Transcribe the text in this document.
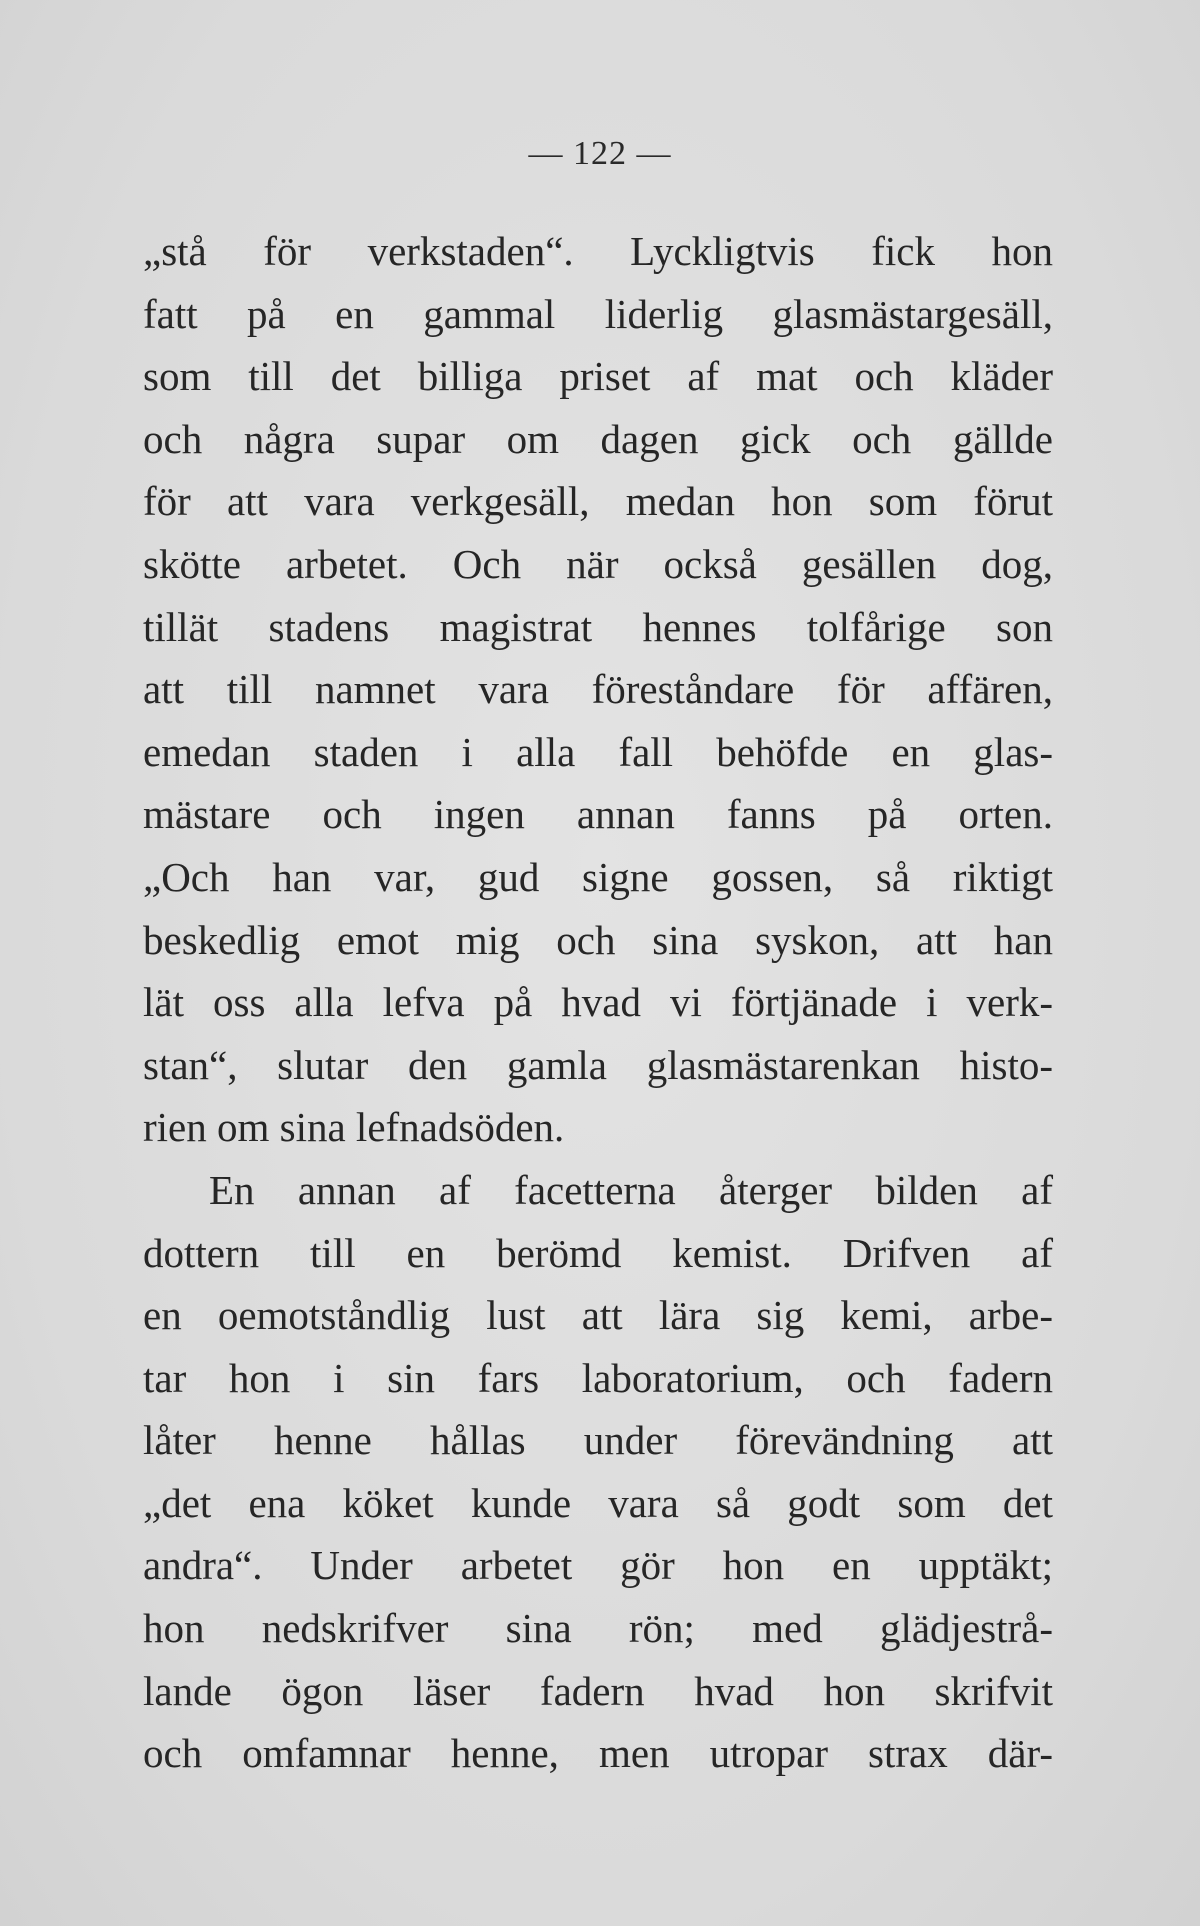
— 122 —
„stå för verkstaden“. Lyckligtvis fick hon
fatt på en gammal liderlig glasmästargesäll,
som till det billiga priset af mat och kläder
och några supar om dagen gick och gällde
för att vara verkgesäll, medan hon som förut
skötte arbetet. Och när också gesällen dog,
tillät stadens magistrat hennes tolfårige son
att till namnet vara föreståndare för affären,
emedan staden i alla fall behöfde en glas-
mästare och ingen annan fanns på orten.
„Och han var, gud signe gossen, så riktigt
beskedlig emot mig och sina syskon, att han
lät oss alla lefva på hvad vi förtjänade i verk-
stan“, slutar den gamla glasmästarenkan histo-
rien om sina lefnadsöden.
En annan af facetterna återger bilden af
dottern till en berömd kemist. Drifven af
en oemotståndlig lust att lära sig kemi, arbe-
tar hon i sin fars laboratorium, och fadern
låter henne hållas under förevändning att
„det ena köket kunde vara så godt som det
andra“. Under arbetet gör hon en upptäkt;
hon nedskrifver sina rön; med glädjestrå-
lande ögon läser fadern hvad hon skrifvit
och omfamnar henne, men utropar strax där-
